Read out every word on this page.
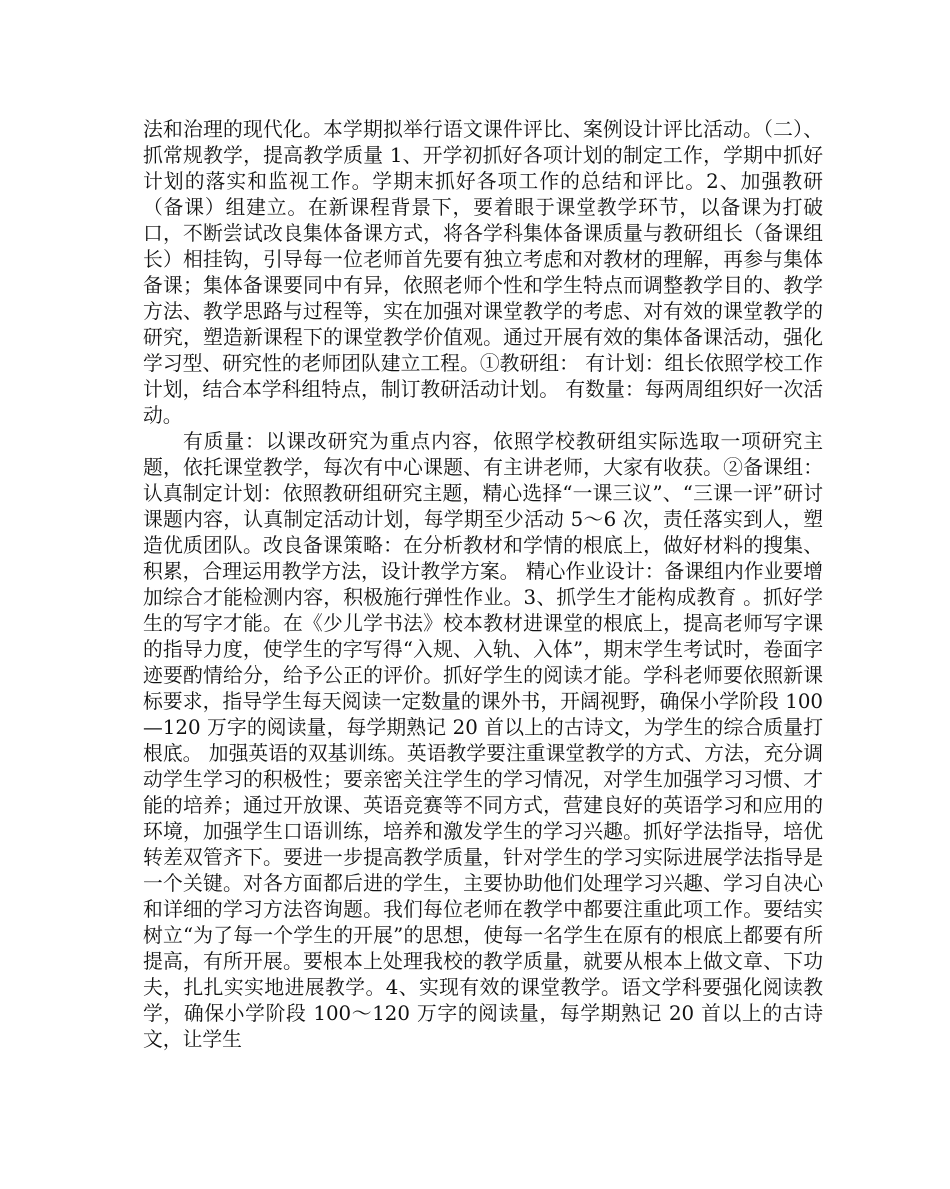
法和治理的现代化。本学期拟举行语文课件评比、案例设计评比活动。（二）、抓常规教学，提高教学质量 1、开学初抓好各项计划的制定工作，学期中抓好计划的落实和监视工作。学期末抓好各项工作的总结和评比。2、加强教研（备课）组建立。在新课程背景下，要着眼于课堂教学环节，以备课为打破口，不断尝试改良集体备课方式，将各学科集体备课质量与教研组长（备课组长）相挂钩，引导每一位老师首先要有独立考虑和对教材的理解，再参与集体备课；集体备课要同中有异，依照老师个性和学生特点而调整教学目的、教学方法、教学思路与过程等，实在加强对课堂教学的考虑、对有效的课堂教学的研究，塑造新课程下的课堂教学价值观。通过开展有效的集体备课活动，强化学习型、研究性的老师团队建立工程。①教研组： 有计划：组长依照学校工作计划，结合本学科组特点，制订教研活动计划。 有数量：每两周组织好一次活动。

有质量：以课改研究为重点内容，依照学校教研组实际选取一项研究主题，依托课堂教学，每次有中心课题、有主讲老师，大家有收获。②备课组： 认真制定计划：依照教研组研究主题，精心选择“一课三议”、“三课一评”研讨课题内容，认真制定活动计划，每学期至少活动 5～6 次，责任落实到人，塑造优质团队。改良备课策略：在分析教材和学情的根底上，做好材料的搜集、积累，合理运用教学方法，设计教学方案。 精心作业设计：备课组内作业要增加综合才能检测内容，积极施行弹性作业。3、抓学生才能构成教育 。抓好学生的写字才能。在《少儿学书法》校本教材进课堂的根底上，提高老师写字课的指导力度，使学生的字写得“入规、入轨、入体”，期末学生考试时，卷面字迹要酌情给分，给予公正的评价。抓好学生的阅读才能。学科老师要依照新课标要求，指导学生每天阅读一定数量的课外书，开阔视野，确保小学阶段 100—120 万字的阅读量，每学期熟记 20 首以上的古诗文，为学生的综合质量打根底。 加强英语的双基训练。英语教学要注重课堂教学的方式、方法，充分调动学生学习的积极性；要亲密关注学生的学习情况，对学生加强学习习惯、才能的培养；通过开放课、英语竞赛等不同方式，营建良好的英语学习和应用的环境，加强学生口语训练，培养和激发学生的学习兴趣。抓好学法指导，培优转差双管齐下。要进一步提高教学质量，针对学生的学习实际进展学法指导是一个关键。对各方面都后进的学生，主要协助他们处理学习兴趣、学习自决心和详细的学习方法咨询题。我们每位老师在教学中都要注重此项工作。要结实树立“为了每一个学生的开展”的思想，使每一名学生在原有的根底上都要有所提高，有所开展。要根本上处理我校的教学质量，就要从根本上做文章、下功夫，扎扎实实地进展教学。4、实现有效的课堂教学。语文学科要强化阅读教学，确保小学阶段 100～120 万字的阅读量，每学期熟记 20 首以上的古诗文，让学生
